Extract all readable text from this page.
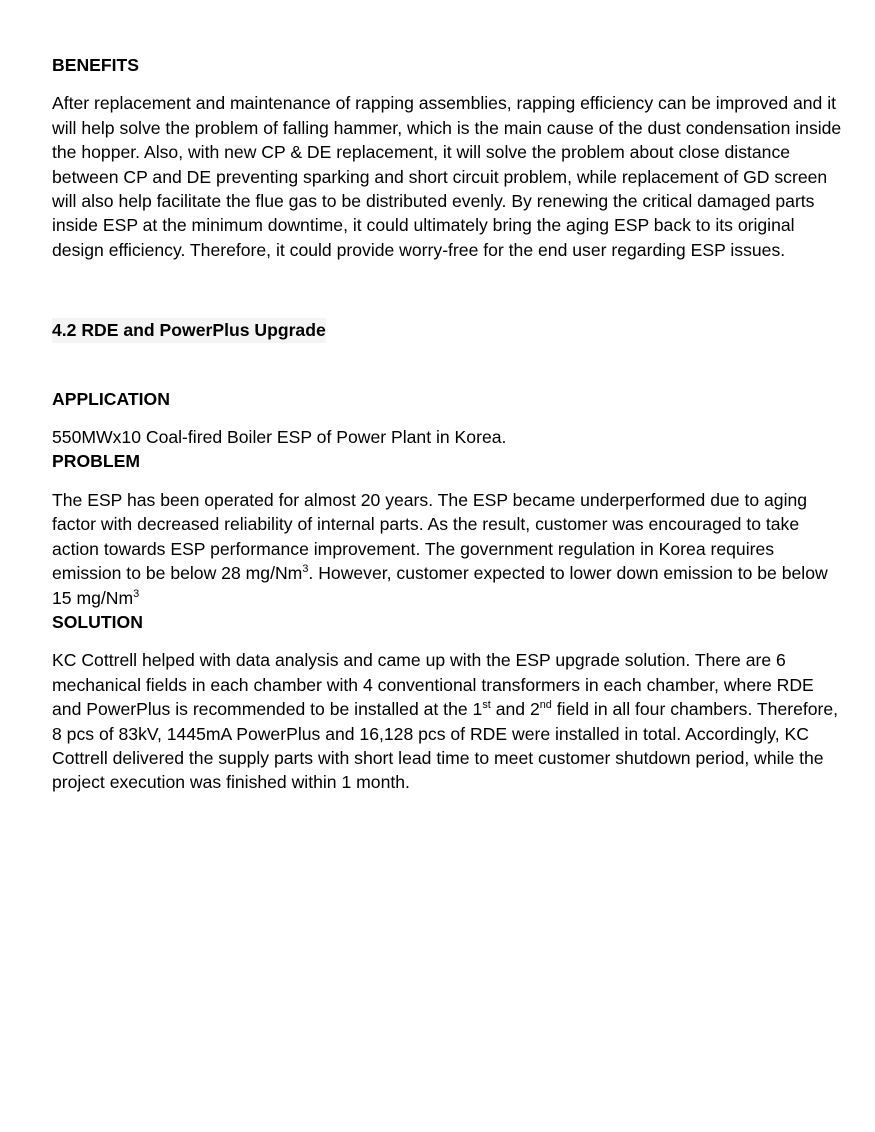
BENEFITS

After replacement and maintenance of rapping assemblies, rapping efficiency can be improved and it will help solve the problem of falling hammer, which is the main cause of the dust condensation inside the hopper. Also, with new CP & DE replacement, it will solve the problem about close distance between CP and DE preventing sparking and short circuit problem, while replacement of GD screen will also help facilitate the flue gas to be distributed evenly. By renewing the critical damaged parts inside ESP at the minimum downtime, it could ultimately bring the aging ESP back to its original design efficiency. Therefore, it could provide worry-free for the end user regarding ESP issues.

4.2 RDE and PowerPlus Upgrade

APPLICATION

550MWx10 Coal-fired Boiler ESP of Power Plant in Korea.

PROBLEM

The ESP has been operated for almost 20 years. The ESP became underperformed due to aging factor with decreased reliability of internal parts. As the result, customer was encouraged to take action towards ESP performance improvement. The government regulation in Korea requires emission to be below 28 mg/Nm$^3$. However, customer expected to lower down emission to be below 15 mg/Nm$^3$

SOLUTION

KC Cottrell helped with data analysis and came up with the ESP upgrade solution. There are 6 mechanical fields in each chamber with 4 conventional transformers in each chamber, where RDE and PowerPlus is recommended to be installed at the 1st and 2nd field in all four chambers. Therefore, 8 pcs of 83kV, 1445mA PowerPlus and 16,128 pcs of RDE were installed in total. Accordingly, KC Cottrell delivered the supply parts with short lead time to meet customer shutdown period, while the project execution was finished within 1 month.
